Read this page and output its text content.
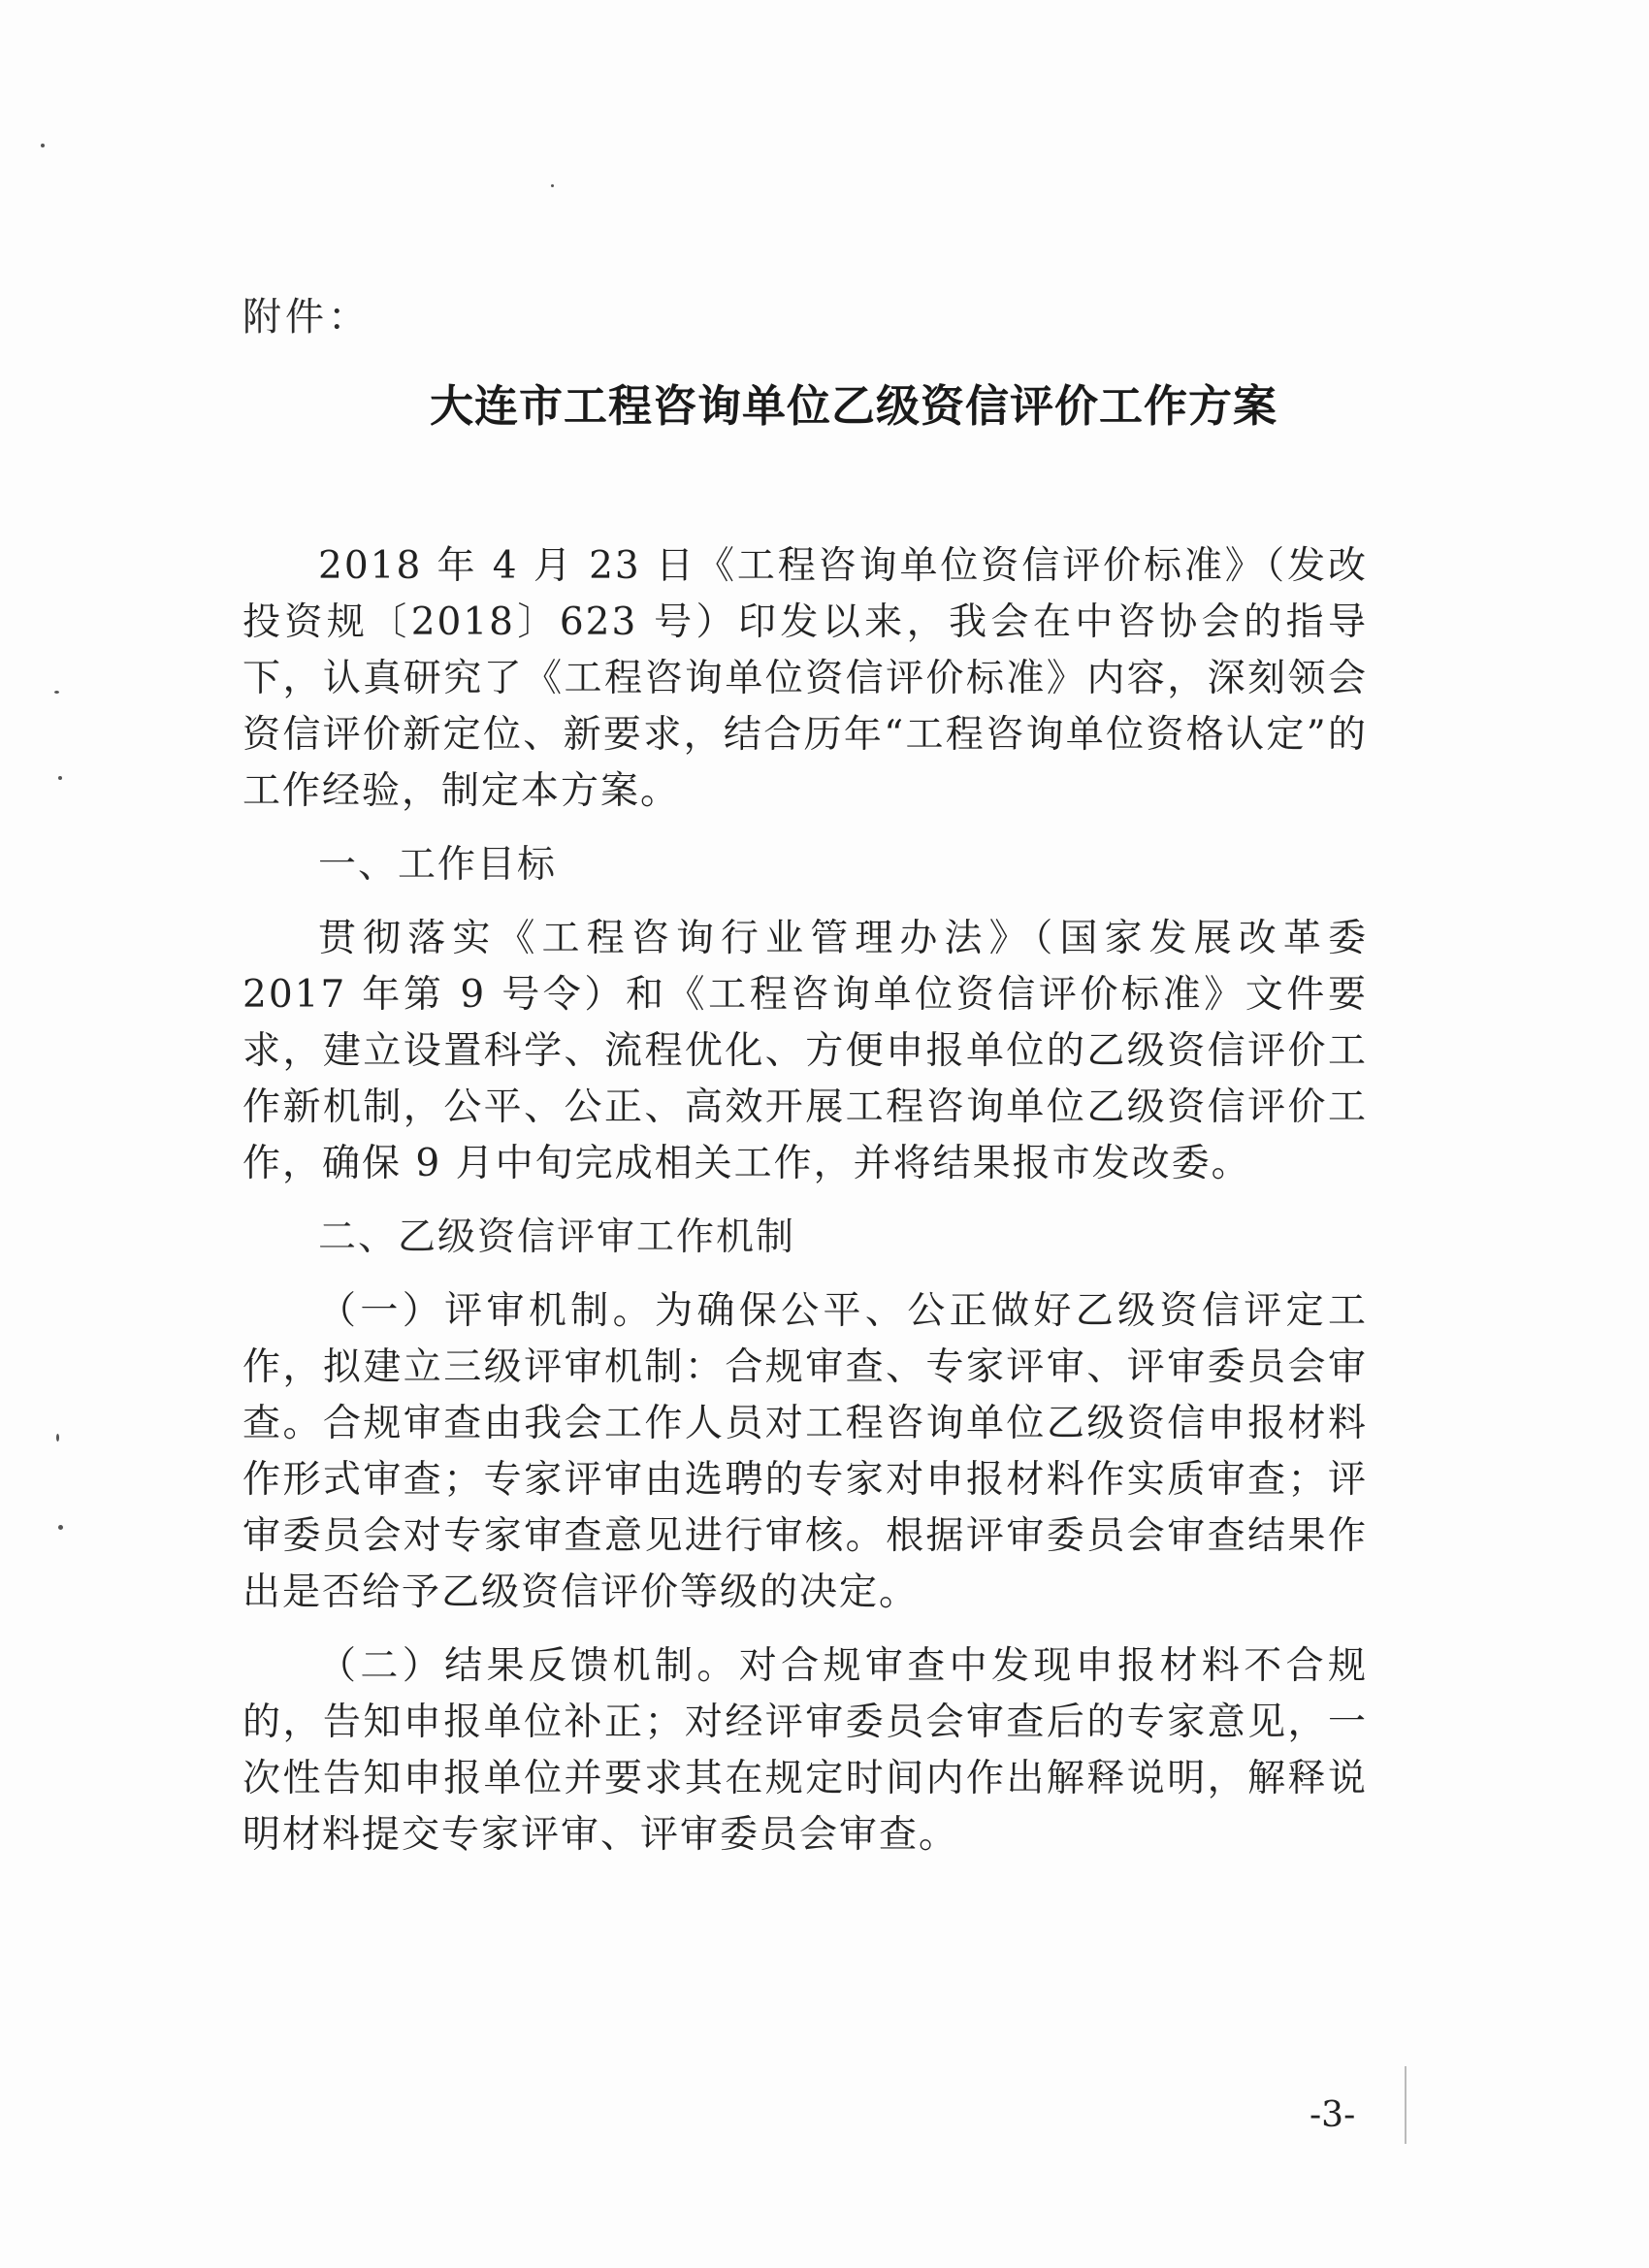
附件：
大连市工程咨询单位乙级资信评价工作方案

2018 年 4 月 23 日《工程咨询单位资信评价标准》（发改投资规〔2018〕623 号）印发以来，我会在中咨协会的指导下，认真研究了《工程咨询单位资信评价标准》内容，深刻领会资信评价新定位、新要求，结合历年“工程咨询单位资格认定”的工作经验，制定本方案。

一、工作目标

贯彻落实《工程咨询行业管理办法》（国家发展改革委 2017 年第 9 号令）和《工程咨询单位资信评价标准》文件要求，建立设置科学、流程优化、方便申报单位的乙级资信评价工作新机制，公平、公正、高效开展工程咨询单位乙级资信评价工作，确保 9 月中旬完成相关工作，并将结果报市发改委。

二、乙级资信评审工作机制

（一）评审机制。为确保公平、公正做好乙级资信评定工作，拟建立三级评审机制：合规审查、专家评审、评审委员会审查。合规审查由我会工作人员对工程咨询单位乙级资信申报材料作形式审查；专家评审由选聘的专家对申报材料作实质审查；评审委员会对专家审查意见进行审核。根据评审委员会审查结果作出是否给予乙级资信评价等级的决定。

（二）结果反馈机制。对合规审查中发现申报材料不合规的，告知申报单位补正；对经评审委员会审查后的专家意见，一次性告知申报单位并要求其在规定时间内作出解释说明，解释说明材料提交专家评审、评审委员会审查。

-3-
